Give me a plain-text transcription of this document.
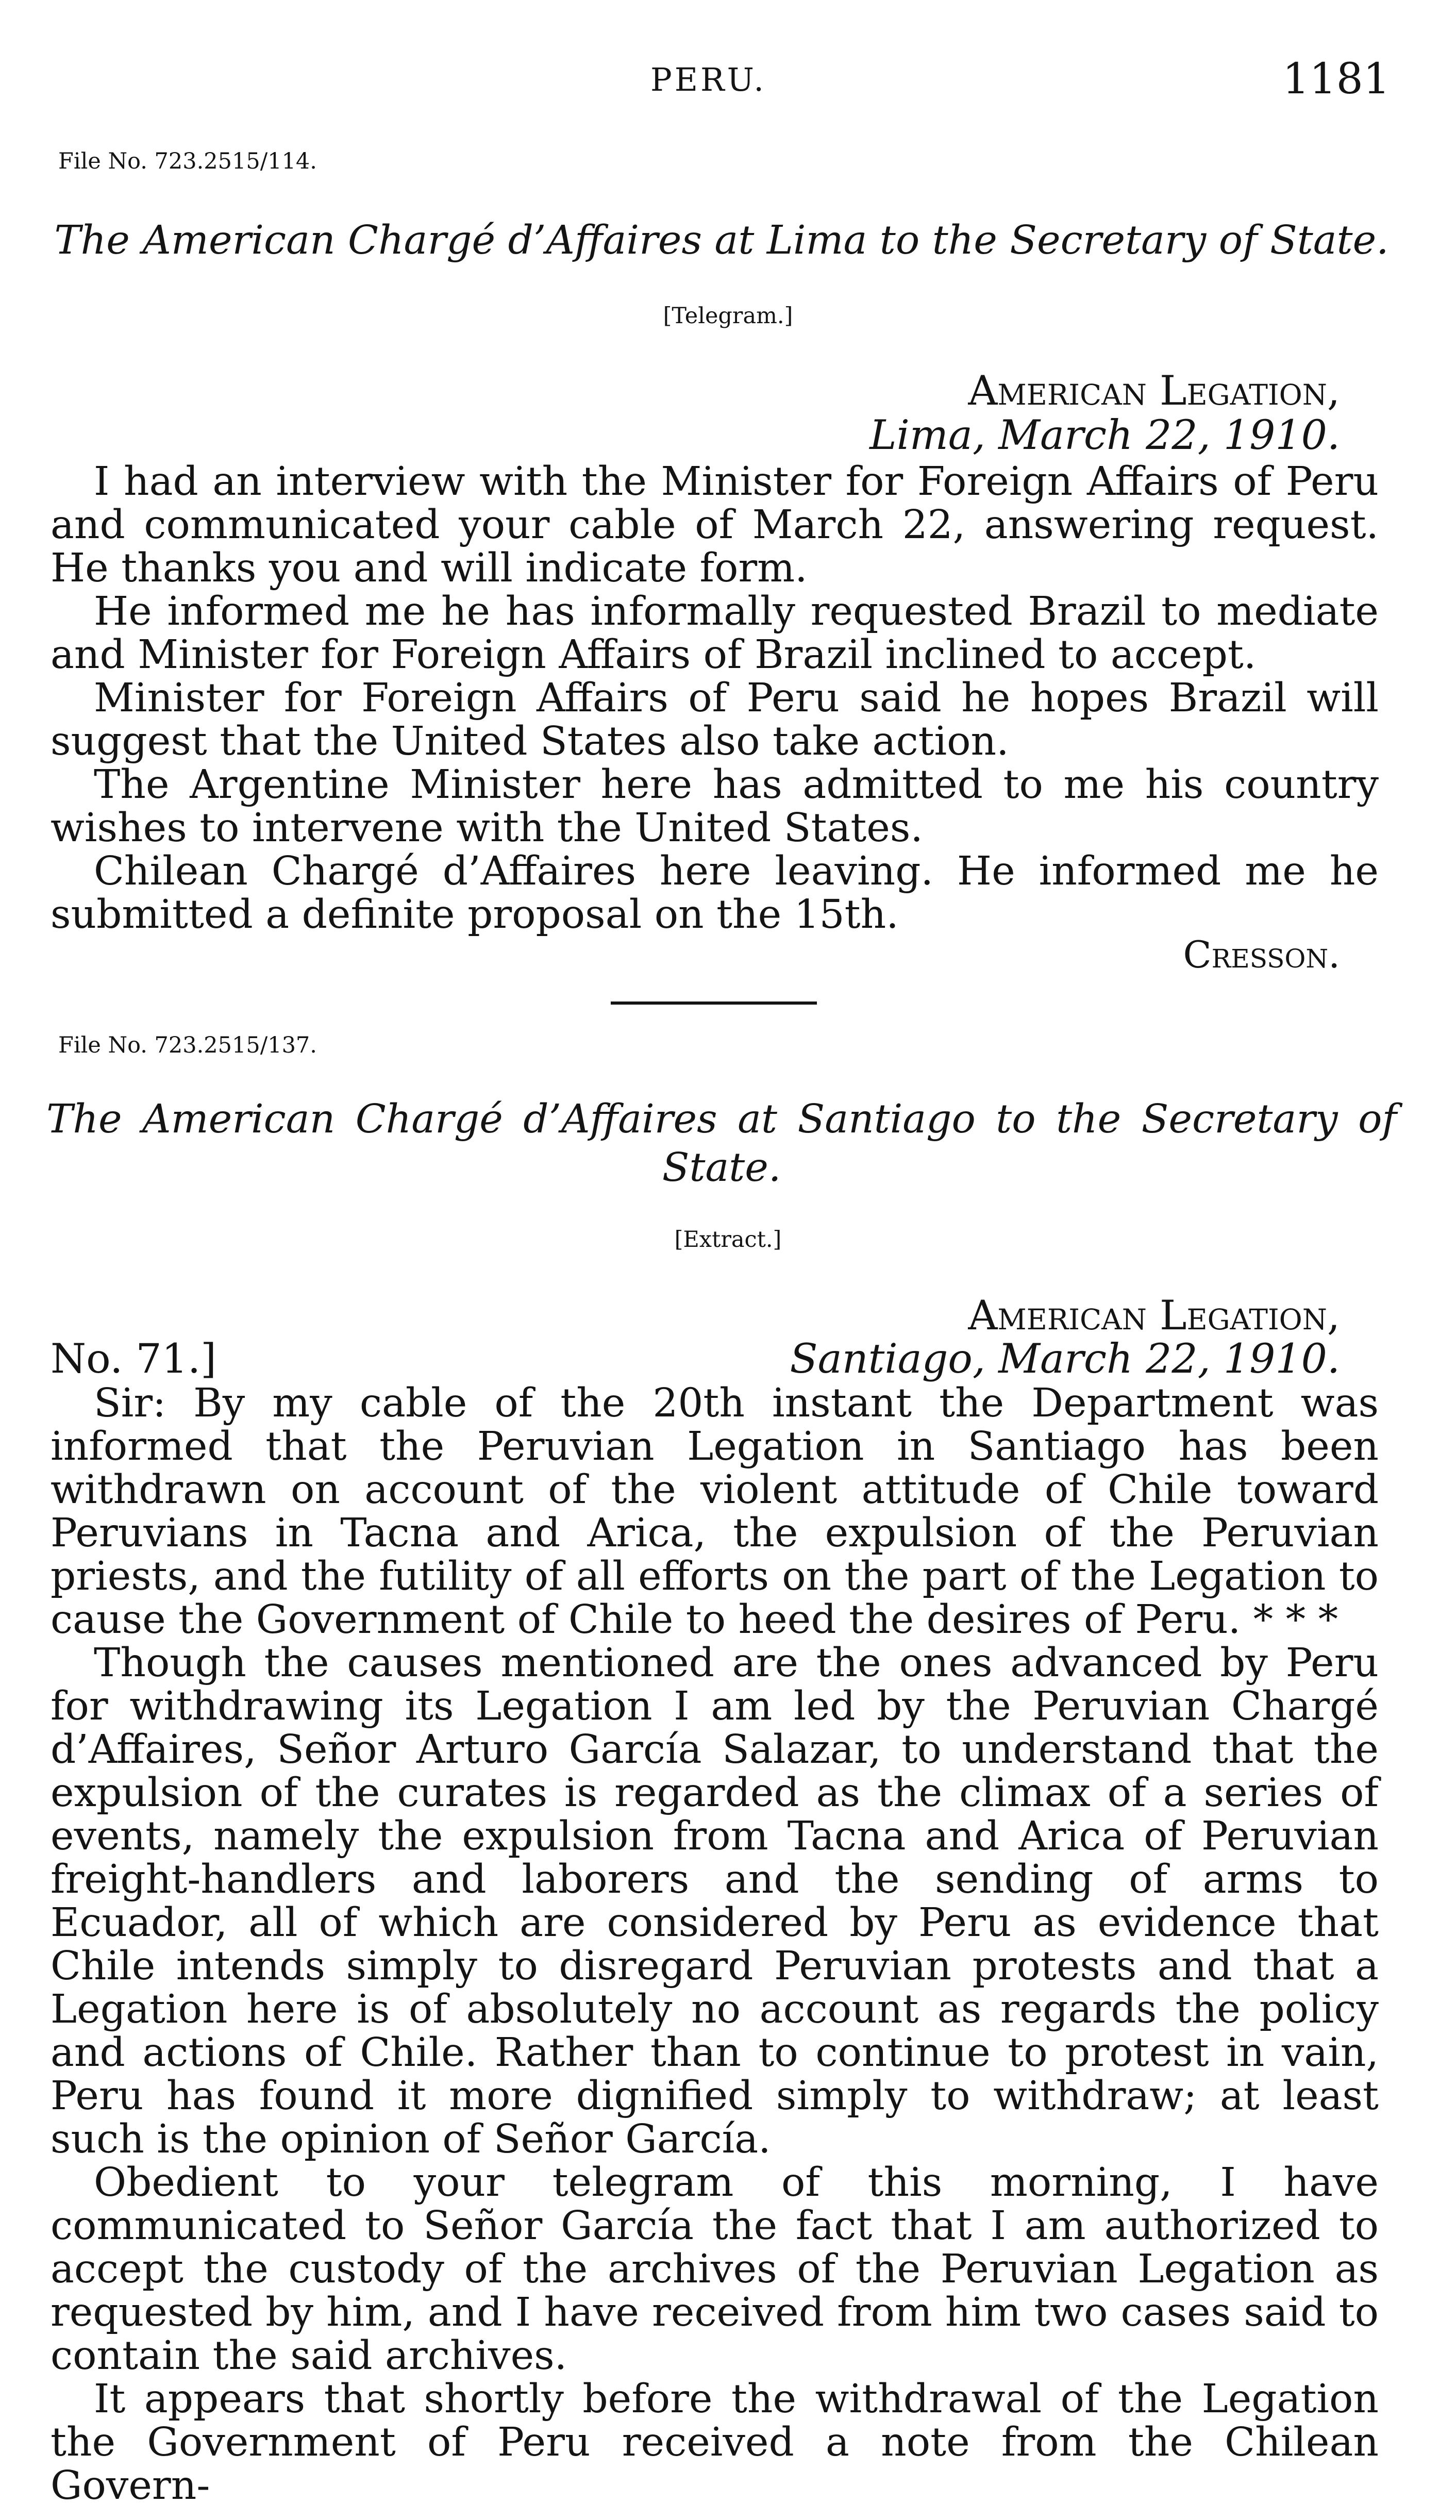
PERU.	1181
File No. 723.2515/114.
The American Chargé d’Affaires at Lima to the Secretary of State.
[Telegram.]
American Legation,
Lima, March 22, 1910.

I had an interview with the Minister for Foreign Affairs of Peru and communicated your cable of March 22, answering request. He thanks you and will indicate form.

He informed me he has informally requested Brazil to mediate and Minister for Foreign Affairs of Brazil inclined to accept.

Minister for Foreign Affairs of Peru said he hopes Brazil will suggest that the United States also take action.

The Argentine Minister here has admitted to me his country wishes to intervene with the United States.

Chilean Chargé d’Affaires here leaving. He informed me he submitted a definite proposal on the 15th.

Cresson.
File No. 723.2515/137.
The American Chargé d’Affaires at Santiago to the Secretary of State.
[Extract.]
American Legation,
No. 71.]	Santiago, March 22, 1910.

Sir: By my cable of the 20th instant the Department was informed that the Peruvian Legation in Santiago has been withdrawn on account of the violent attitude of Chile toward Peruvians in Tacna and Arica, the expulsion of the Peruvian priests, and the futility of all efforts on the part of the Legation to cause the Government of Chile to heed the desires of Peru. * * *

Though the causes mentioned are the ones advanced by Peru for withdrawing its Legation I am led by the Peruvian Chargé d’Affaires, Señor Arturo García Salazar, to understand that the expulsion of the curates is regarded as the climax of a series of events, namely the expulsion from Tacna and Arica of Peruvian freight-handlers and laborers and the sending of arms to Ecuador, all of which are considered by Peru as evidence that Chile intends simply to disregard Peruvian protests and that a Legation here is of absolutely no account as regards the policy and actions of Chile. Rather than to continue to protest in vain, Peru has found it more dignified simply to withdraw; at least such is the opinion of Señor García.

Obedient to your telegram of this morning, I have communicated to Señor García the fact that I am authorized to accept the custody of the archives of the Peruvian Legation as requested by him, and I have received from him two cases said to contain the said archives.

It appears that shortly before the withdrawal of the Legation the Government of Peru received a note from the Chilean Govern-
